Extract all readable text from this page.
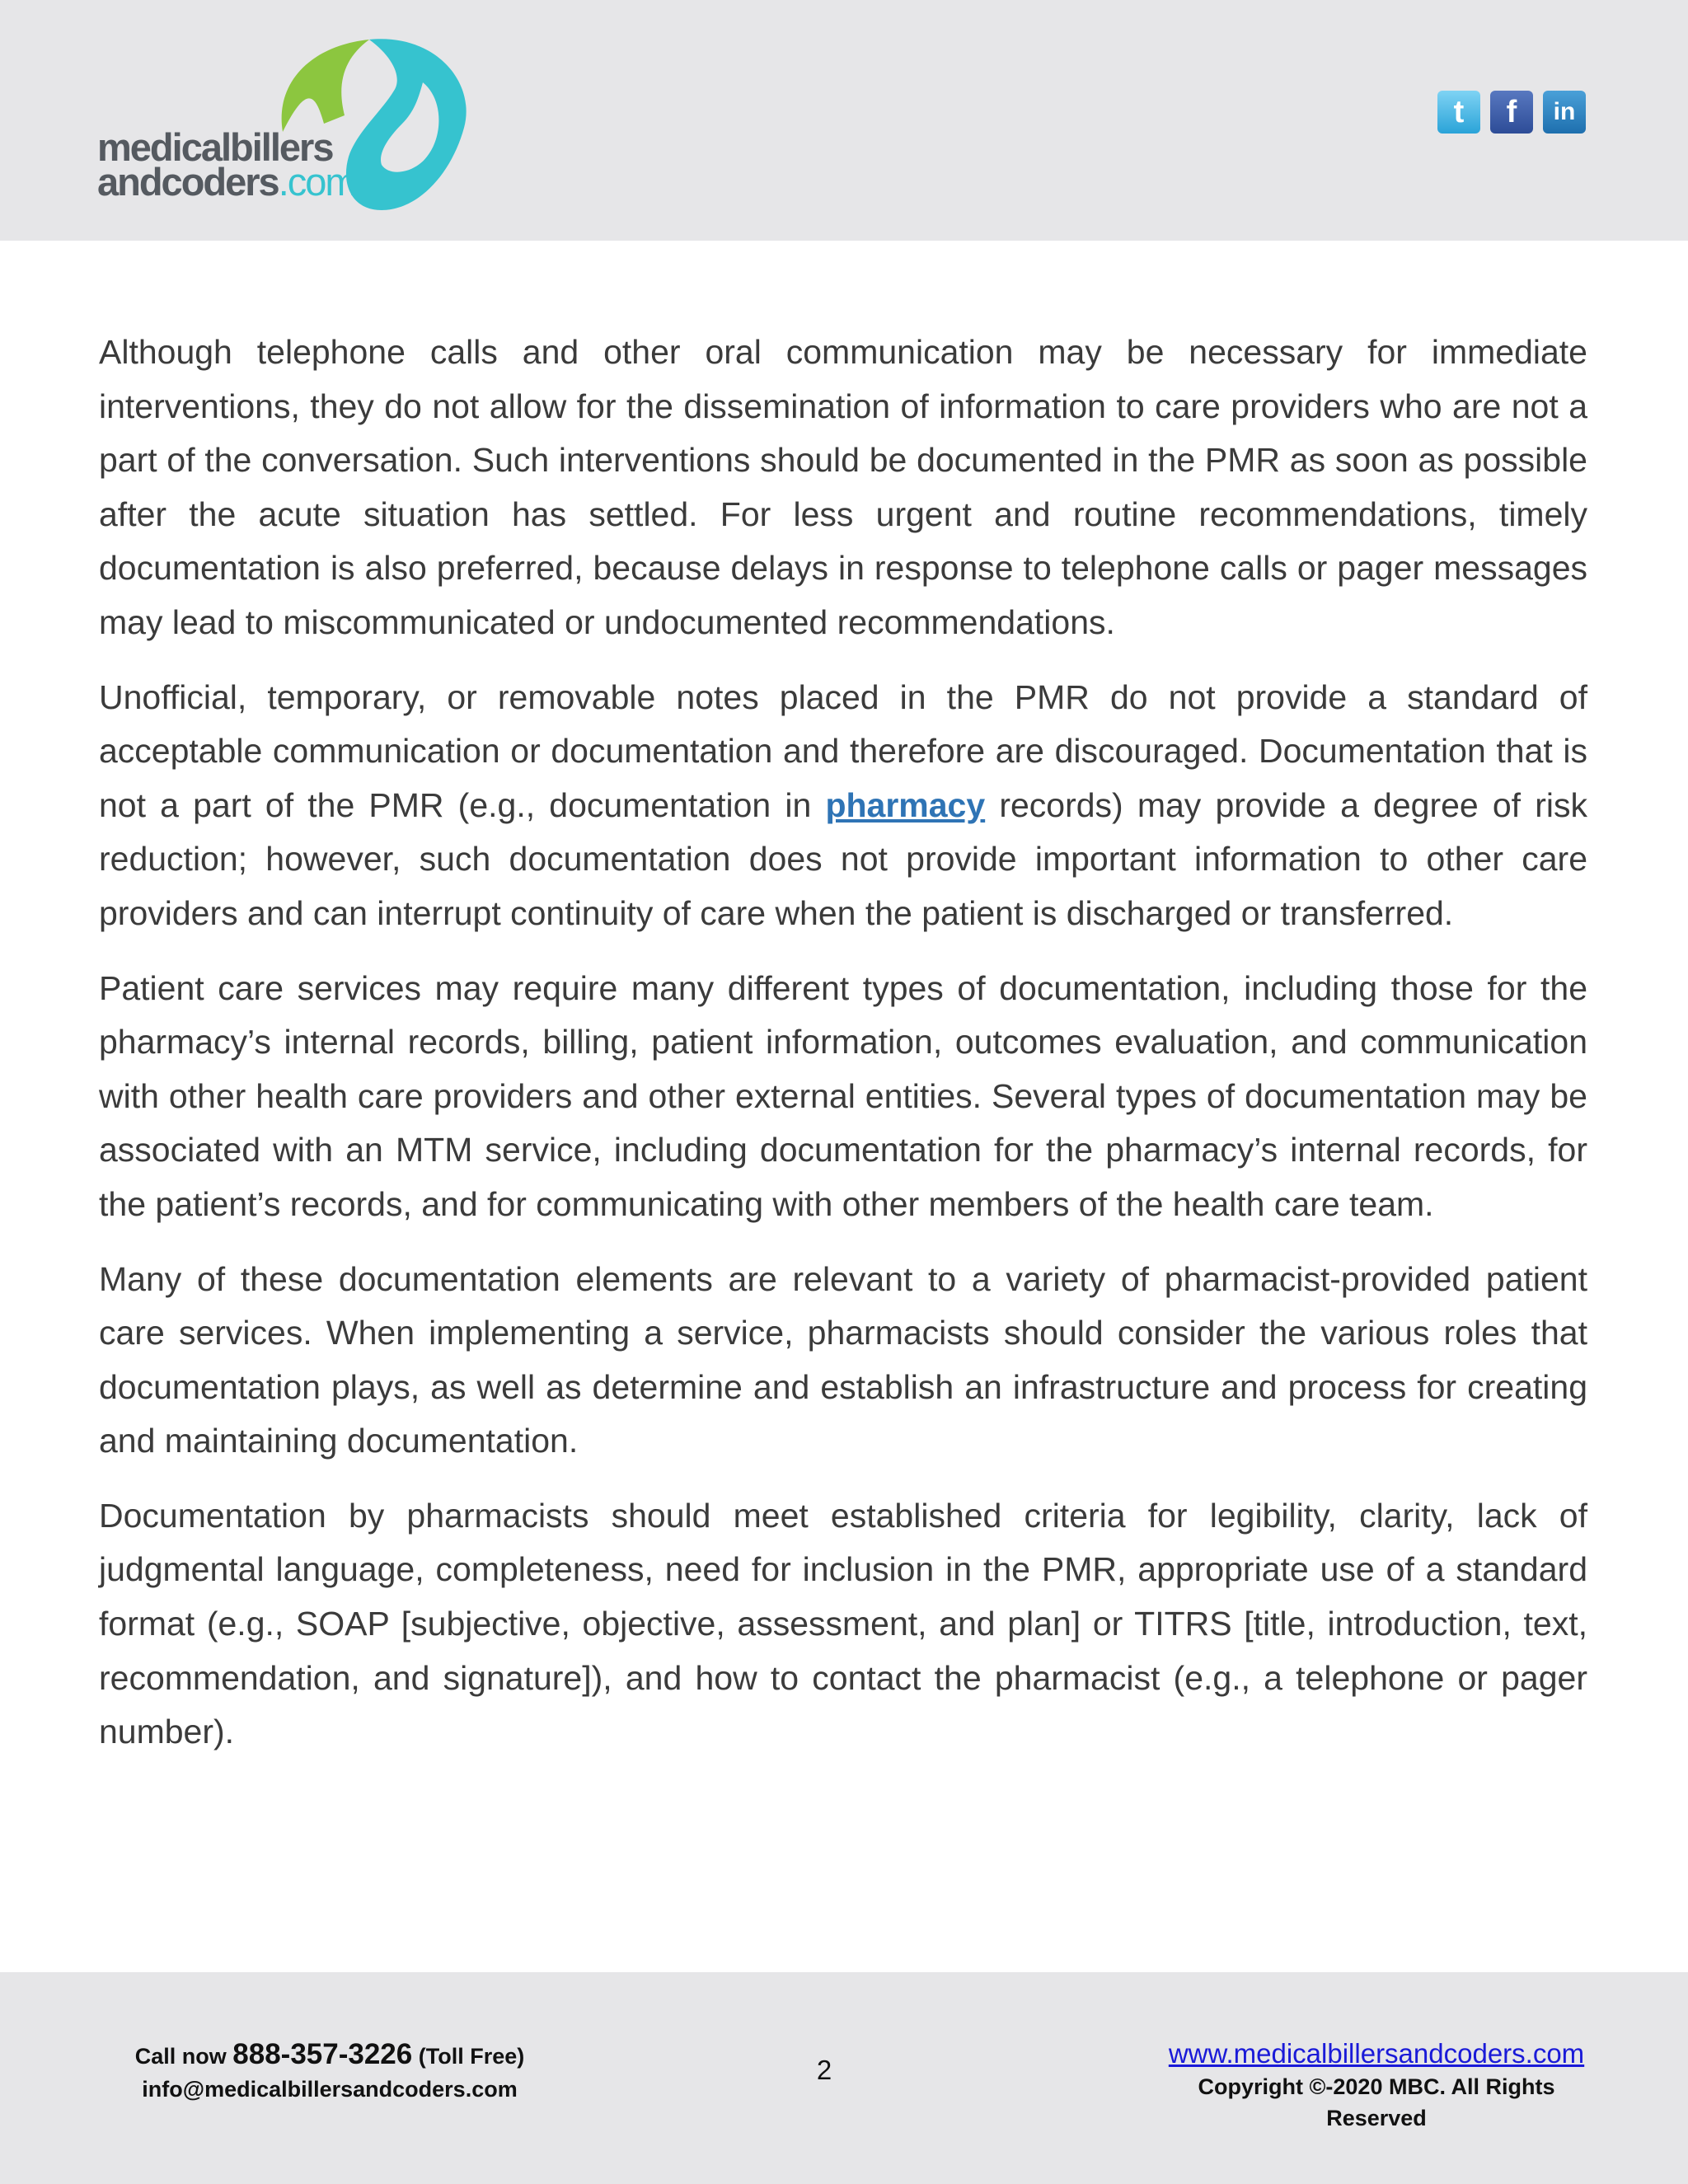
medicalbillers
andcoders.com
t f in

Although telephone calls and other oral communication may be necessary for immediate interventions, they do not allow for the dissemination of information to care providers who are not a part of the conversation. Such interventions should be documented in the PMR as soon as possible after the acute situation has settled. For less urgent and routine recommendations, timely documentation is also preferred, because delays in response to telephone calls or pager messages may lead to miscommunicated or undocumented recommendations.

Unofficial, temporary, or removable notes placed in the PMR do not provide a standard of acceptable communication or documentation and therefore are discouraged. Documentation that is not a part of the PMR (e.g., documentation in pharmacy records) may provide a degree of risk reduction; however, such documentation does not provide important information to other care providers and can interrupt continuity of care when the patient is discharged or transferred.

Patient care services may require many different types of documentation, including those for the pharmacy’s internal records, billing, patient information, outcomes evaluation, and communication with other health care providers and other external entities. Several types of documentation may be associated with an MTM service, including documentation for the pharmacy’s internal records, for the patient’s records, and for communicating with other members of the health care team.

Many of these documentation elements are relevant to a variety of pharmacist-provided patient care services. When implementing a service, pharmacists should consider the various roles that documentation plays, as well as determine and establish an infrastructure and process for creating and maintaining documentation.

Documentation by pharmacists should meet established criteria for legibility, clarity, lack of judgmental language, completeness, need for inclusion in the PMR, appropriate use of a standard format (e.g., SOAP [subjective, objective, assessment, and plan] or TITRS [title, introduction, text, recommendation, and signature]), and how to contact the pharmacist (e.g., a telephone or pager number).

Call now 888-357-3226 (Toll Free)
info@medicalbillersandcoders.com
2
www.medicalbillersandcoders.com
Copyright ©-2020 MBC. All Rights Reserved
